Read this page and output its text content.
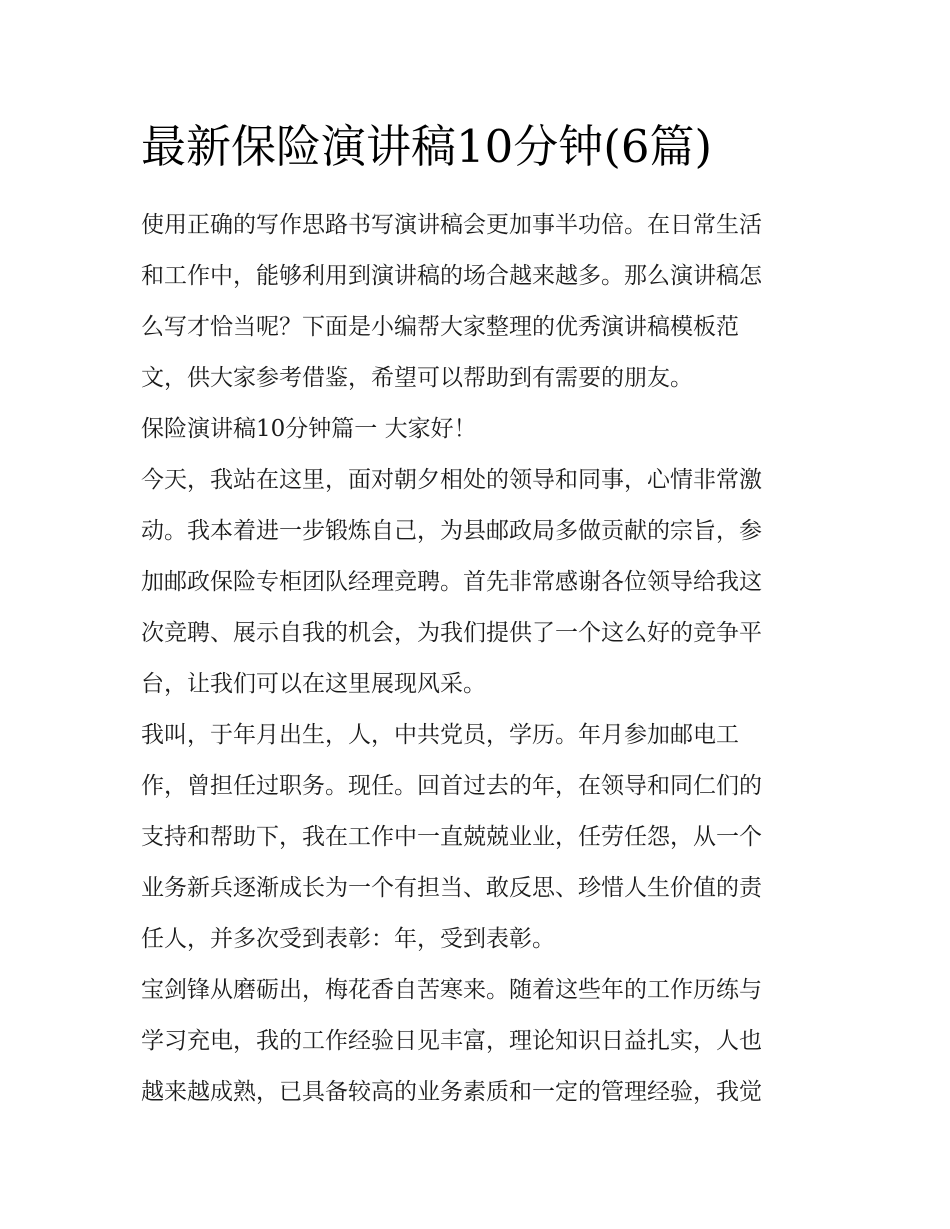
最新保险演讲稿10分钟(6篇)
使用正确的写作思路书写演讲稿会更加事半功倍。在日常生活
和工作中，能够利用到演讲稿的场合越来越多。那么演讲稿怎
么写才恰当呢？下面是小编帮大家整理的优秀演讲稿模板范
文，供大家参考借鉴，希望可以帮助到有需要的朋友。
保险演讲稿10分钟篇一 大家好！
今天，我站在这里，面对朝夕相处的领导和同事，心情非常激
动。我本着进一步锻炼自己，为县邮政局多做贡献的宗旨，参
加邮政保险专柜团队经理竞聘。首先非常感谢各位领导给我这
次竞聘、展示自我的机会，为我们提供了一个这么好的竞争平
台，让我们可以在这里展现风采。
我叫，于年月出生，人，中共党员，学历。年月参加邮电工
作，曾担任过职务。现任。回首过去的年，在领导和同仁们的
支持和帮助下，我在工作中一直兢兢业业，任劳任怨，从一个
业务新兵逐渐成长为一个有担当、敢反思、珍惜人生价值的责
任人，并多次受到表彰：年，受到表彰。
宝剑锋从磨砺出，梅花香自苦寒来。随着这些年的工作历练与
学习充电，我的工作经验日见丰富，理论知识日益扎实，人也
越来越成熟，已具备较高的业务素质和一定的管理经验，我觉
